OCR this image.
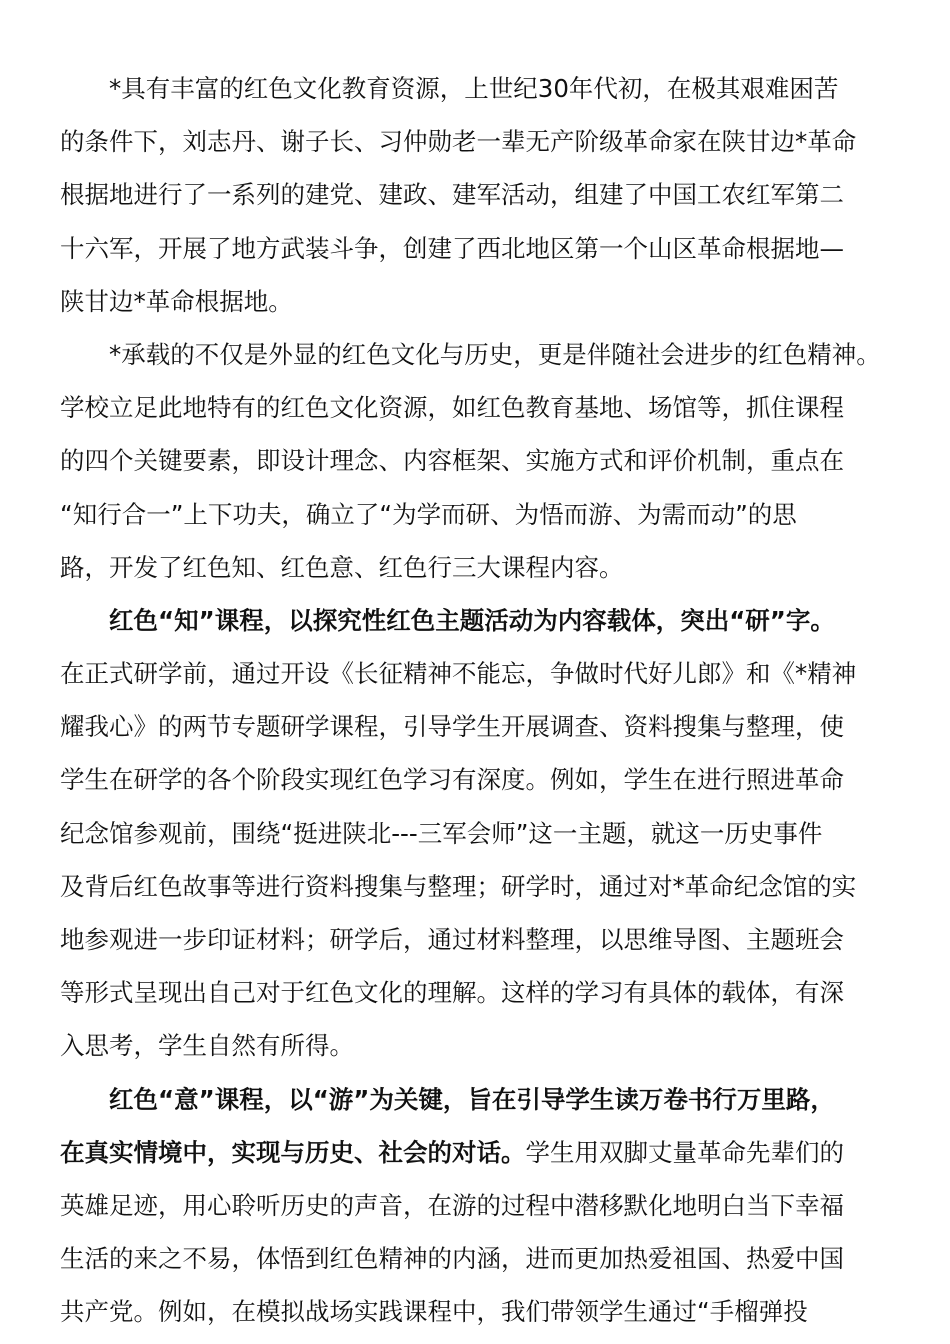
*具有丰富的红色文化教育资源，上世纪30年代初，在极其艰难困苦
的条件下，刘志丹、谢子长、习仲勋老一辈无产阶级革命家在陕甘边*革命
根据地进行了一系列的建党、建政、建军活动，组建了中国工农红军第二
十六军，开展了地方武装斗争，创建了西北地区第一个山区革命根据地—
陕甘边*革命根据地。

*承载的不仅是外显的红色文化与历史，更是伴随社会进步的红色精神。
学校立足此地特有的红色文化资源，如红色教育基地、场馆等，抓住课程
的四个关键要素，即设计理念、内容框架、实施方式和评价机制，重点在
“知行合一”上下功夫，确立了“为学而研、为悟而游、为需而动”的思
路，开发了红色知、红色意、红色行三大课程内容。

红色“知”课程，以探究性红色主题活动为内容载体，突出“研”字。
在正式研学前，通过开设《长征精神不能忘，争做时代好儿郎》和《*精神
耀我心》的两节专题研学课程，引导学生开展调查、资料搜集与整理，使
学生在研学的各个阶段实现红色学习有深度。例如，学生在进行照进革命
纪念馆参观前，围绕“挺进陕北---三军会师”这一主题，就这一历史事件
及背后红色故事等进行资料搜集与整理；研学时，通过对*革命纪念馆的实
地参观进一步印证材料；研学后，通过材料整理，以思维导图、主题班会
等形式呈现出自己对于红色文化的理解。这样的学习有具体的载体，有深
入思考，学生自然有所得。

红色“意”课程，以“游”为关键，旨在引导学生读万卷书行万里路，
在真实情境中，实现与历史、社会的对话。学生用双脚丈量革命先辈们的
英雄足迹，用心聆听历史的声音，在游的过程中潜移默化地明白当下幸福
生活的来之不易，体悟到红色精神的内涵，进而更加热爱祖国、热爱中国
共产党。例如，在模拟战场实践课程中，我们带领学生通过“手榴弹投
